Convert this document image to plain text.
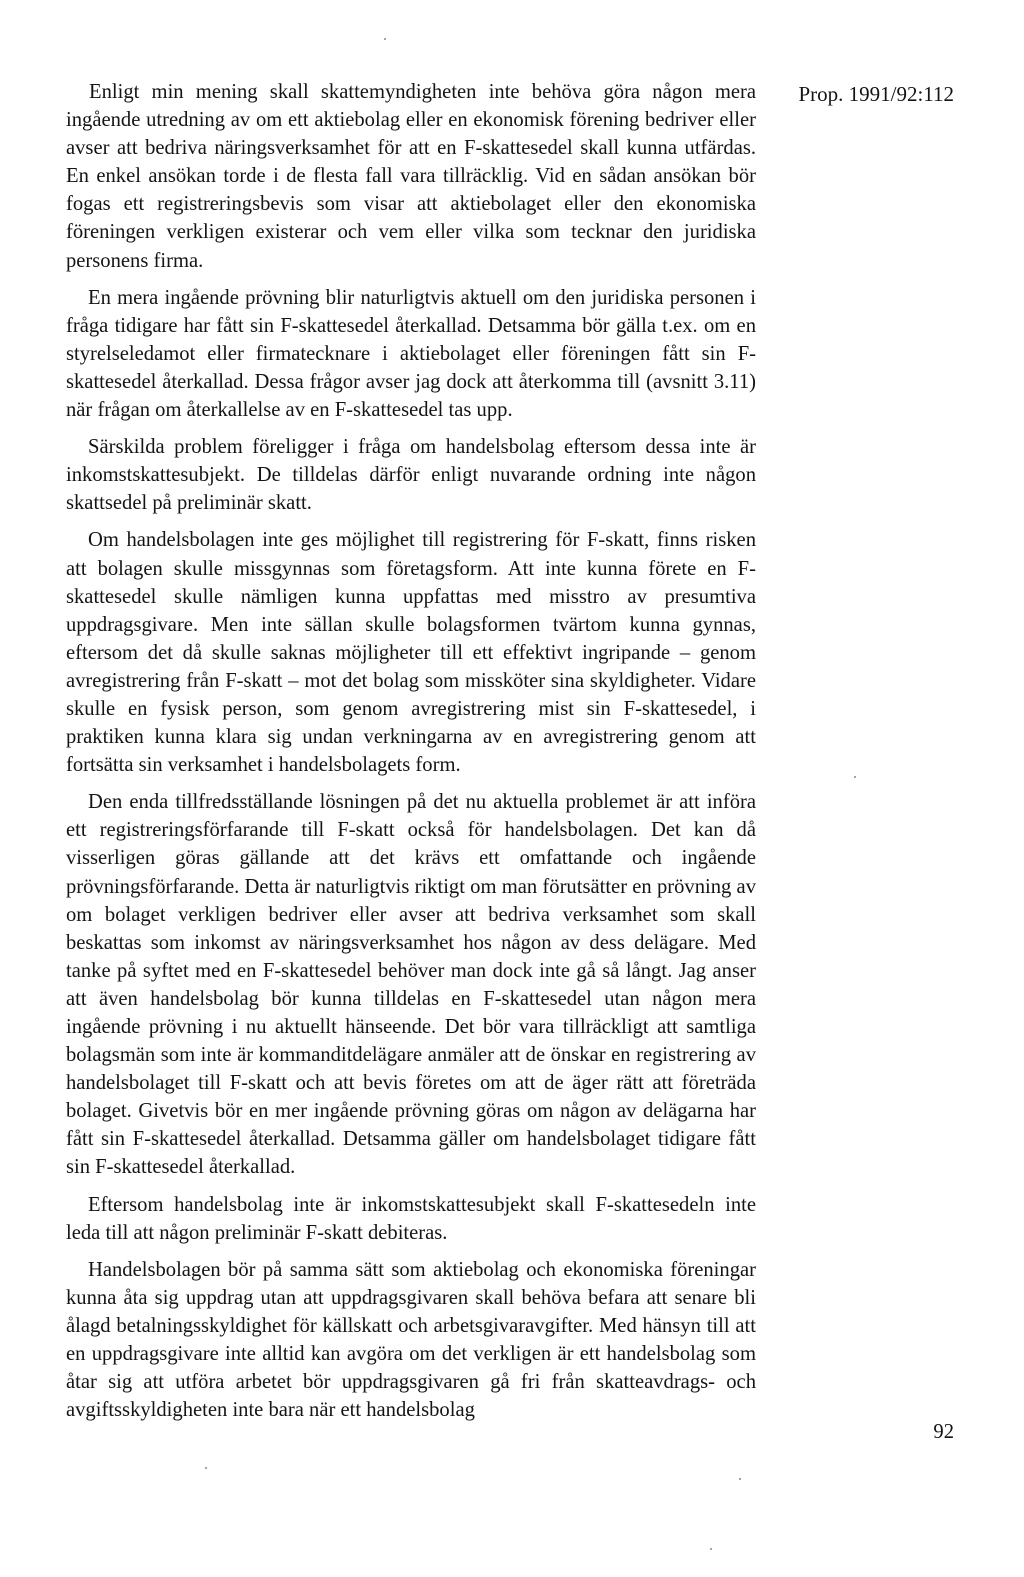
Prop. 1991/92:112

Enligt min mening skall skattemyndigheten inte behöva göra någon mera ingående utredning av om ett aktiebolag eller en ekonomisk förening bedriver eller avser att bedriva näringsverksamhet för att en F-skattesedel skall kunna utfärdas. En enkel ansökan torde i de flesta fall vara tillräcklig. Vid en sådan ansökan bör fogas ett registreringsbevis som visar att aktiebolaget eller den ekonomiska föreningen verkligen existerar och vem eller vilka som tecknar den juridiska personens firma.

En mera ingående prövning blir naturligtvis aktuell om den juridiska personen i fråga tidigare har fått sin F-skattesedel återkallad. Detsamma bör gälla t.ex. om en styrelseledamot eller firmatecknare i aktiebolaget eller föreningen fått sin F-skattesedel återkallad. Dessa frågor avser jag dock att återkomma till (avsnitt 3.11) när frågan om återkallelse av en F-skattesedel tas upp.

Särskilda problem föreligger i fråga om handelsbolag eftersom dessa inte är inkomstskattesubjekt. De tilldelas därför enligt nuvarande ordning inte någon skattsedel på preliminär skatt.

Om handelsbolagen inte ges möjlighet till registrering för F-skatt, finns risken att bolagen skulle missgynnas som företagsform. Att inte kunna förete en F-skattesedel skulle nämligen kunna uppfattas med misstro av presumtiva uppdragsgivare. Men inte sällan skulle bolagsformen tvärtom kunna gynnas, eftersom det då skulle saknas möjligheter till ett effektivt ingripande – genom avregistrering från F-skatt – mot det bolag som missköter sina skyldigheter. Vidare skulle en fysisk person, som genom avregistrering mist sin F-skattesedel, i praktiken kunna klara sig undan verkningarna av en avregistrering genom att fortsätta sin verksamhet i handelsbolagets form.

Den enda tillfredsställande lösningen på det nu aktuella problemet är att införa ett registreringsförfarande till F-skatt också för handelsbolagen. Det kan då visserligen göras gällande att det krävs ett omfattande och ingående prövningsförfarande. Detta är naturligtvis riktigt om man förutsätter en prövning av om bolaget verkligen bedriver eller avser att bedriva verksamhet som skall beskattas som inkomst av näringsverksamhet hos någon av dess delägare. Med tanke på syftet med en F-skattesedel behöver man dock inte gå så långt. Jag anser att även handelsbolag bör kunna tilldelas en F-skattesedel utan någon mera ingående prövning i nu aktuellt hänseende. Det bör vara tillräckligt att samtliga bolagsmän som inte är kommanditdelägare anmäler att de önskar en registrering av handelsbolaget till F-skatt och att bevis företes om att de äger rätt att företräda bolaget. Givetvis bör en mer ingående prövning göras om någon av delägarna har fått sin F-skattesedel återkallad. Detsamma gäller om handelsbolaget tidigare fått sin F-skattesedel återkallad.

Eftersom handelsbolag inte är inkomstskattesubjekt skall F-skattesedeln inte leda till att någon preliminär F-skatt debiteras.

Handelsbolagen bör på samma sätt som aktiebolag och ekonomiska föreningar kunna åta sig uppdrag utan att uppdragsgivaren skall behöva befara att senare bli ålagd betalningsskyldighet för källskatt och arbetsgivaravgifter. Med hänsyn till att en uppdragsgivare inte alltid kan avgöra om det verkligen är ett handelsbolag som åtar sig att utföra arbetet bör uppdragsgivaren gå fri från skatteavdrags- och avgiftsskyldigheten inte bara när ett handelsbolag

92
